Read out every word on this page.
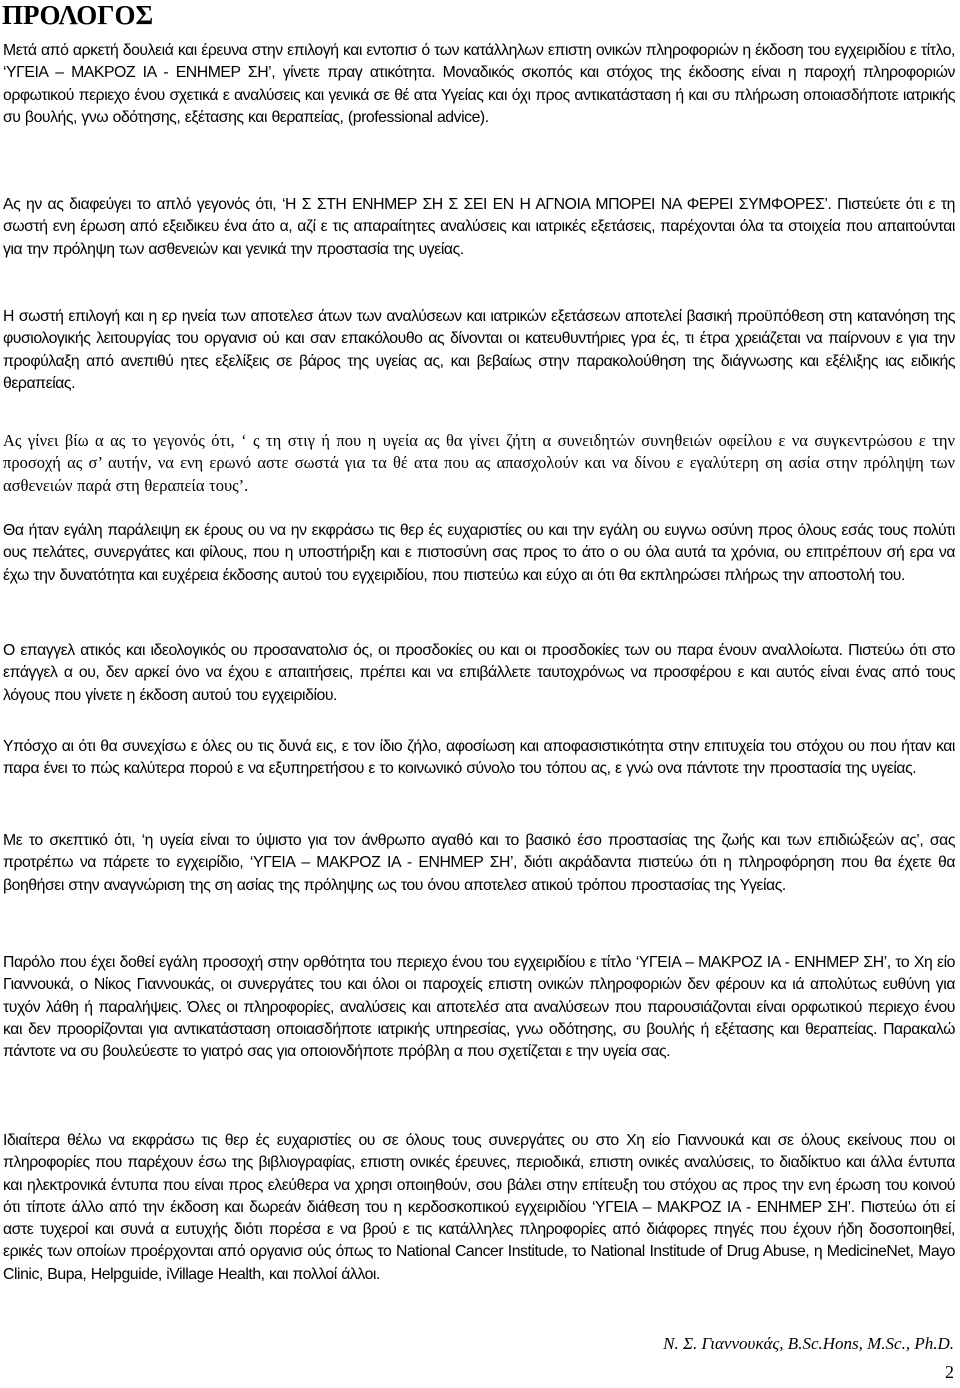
ΠΡΟΛΟΓΟΣ

Μετά από αρκετή δουλειά και έρευνα στην επιλογή και εντοπισ ό των κατάλληλων επιστη ονικών πληροφοριών η έκδοση του εγχειριδίου ε τίτλο, ‘ΥΓΕΙΑ – ΜΑΚΡΟΖ ΙΑ - ΕΝΗΜΕΡ ΣΗ’, γίνετε πραγ ατικότητα. Μοναδικός σκοπός και στόχος της έκδοσης είναι η παροχή πληροφοριών ορφωτικού περιεχο ένου σχετικά ε αναλύσεις και γενικά σε θέ ατα Υγείας και όχι προς αντικατάσταση ή και συ πλήρωση οποιασδήποτε ιατρικής συ βουλής, γνω οδότησης, εξέτασης και θεραπείας, (professional advice).

Ας ην ας διαφεύγει το απλό γεγονός ότι, ‘Η Σ ΣΤΗ ΕΝΗΜΕΡ ΣΗ Σ ΣΕΙ ΕΝ Η ΑΓΝΟΙΑ ΜΠΟΡΕΙ ΝΑ ΦΕΡΕΙ ΣΥΜΦΟΡΕΣ’. Πιστεύετε ότι ε τη σωστή ενη έρωση από εξειδικευ ένα άτο α, αζί ε τις απαραίτητες αναλύσεις και ιατρικές εξετάσεις, παρέχονται όλα τα στοιχεία που απαιτούνται για την πρόληψη των ασθενειών και γενικά την προστασία της υγείας.

Η σωστή επιλογή και η ερ ηνεία των αποτελεσ άτων των αναλύσεων και ιατρικών εξετάσεων αποτελεί βασική προϋπόθεση στη κατανόηση της φυσιολογικής λειτουργίας του οργανισ ού και σαν επακόλουθο ας δίνονται οι κατευθυντήριες γρα ές, τι έτρα χρειάζεται να παίρνουν ε για την προφύλαξη από ανεπιθύ ητες εξελίξεις σε βάρος της υγείας ας, και βεβαίως στην παρακολούθηση της διάγνωσης και εξέλιξης ιας ειδικής θεραπείας.

Ας γίνει βίω α ας το γεγονός ότι, ‘ ς τη στιγ ή που η υγεία ας θα γίνει ζήτη α συνειδητών συνηθειών οφείλου ε να συγκεντρώσου ε την προσοχή ας σ’ αυτήν, να ενη ερωνό αστε σωστά για τα θέ ατα που ας απασχολούν και να δίνου ε εγαλύτερη ση ασία στην πρόληψη των ασθενειών παρά στη θεραπεία τους’.

Θα ήταν εγάλη παράλειψη εκ έρους ου να ην εκφράσω τις θερ ές ευχαριστίες ου και την εγάλη ου ευγνω οσύνη προς όλους εσάς τους πολύτι ους πελάτες, συνεργάτες και φίλους, που η υποστήριξη και ε πιστοσύνη σας προς το άτο ο ου όλα αυτά τα χρόνια, ου επιτρέπουν σή ερα να έχω την δυνατότητα και ευχέρεια έκδοσης αυτού του εγχειριδίου, που πιστεύω και εύχο αι ότι θα εκπληρώσει πλήρως την αποστολή του.

Ο επαγγελ ατικός και ιδεολογικός ου προσανατολισ ός, οι προσδοκίες ου και οι προσδοκίες των ου παρα ένουν αναλλοίωτα. Πιστεύω ότι στο επάγγελ α ου, δεν αρκεί όνο να έχου ε απαιτήσεις, πρέπει και να επιβάλλετε ταυτοχρόνως να προσφέρου ε και αυτός είναι ένας από τους λόγους που γίνετε η έκδοση αυτού του εγχειριδίου.

Υπόσχο αι ότι θα συνεχίσω ε όλες ου τις δυνά εις, ε τον ίδιο ζήλο, αφοσίωση και αποφασιστικότητα στην επιτυχεία του στόχου ου που ήταν και παρα ένει το πώς καλύτερα πορού ε να εξυπηρετήσου ε το κοινωνικό σύνολο του τόπου ας, ε γνώ ονα πάντοτε την προστασία της υγείας.

Με το σκεπτικό ότι, ‘η υγεία είναι το ύψιστο για τον άνθρωπο αγαθό και το βασικό έσο προστασίας της ζωής και των επιδιώξεών ας’, σας προτρέπω να πάρετε το εγχειρίδιο, ‘ΥΓΕΙΑ – ΜΑΚΡΟΖ ΙΑ - ΕΝΗΜΕΡ ΣΗ’, διότι ακράδαντα πιστεύω ότι η πληροφόρηση που θα έχετε θα βοηθήσει στην αναγνώριση της ση ασίας της πρόληψης ως του όνου αποτελεσ ατικού τρόπου προστασίας της Υγείας.

Παρόλο που έχει δοθεί εγάλη προσοχή στην ορθότητα του περιεχο ένου του εγχειριδίου ε τίτλο ‘ΥΓΕΙΑ – ΜΑΚΡΟΖ ΙΑ - ΕΝΗΜΕΡ ΣΗ’, το Χη είο Γιαννουκά, ο Νίκος Γιαννουκάς, οι συνεργάτες του και όλοι οι παροχείς επιστη ονικών πληροφοριών δεν φέρουν κα ιά απολύτως ευθύνη για τυχόν λάθη ή παραλήψεις. Όλες οι πληροφορίες, αναλύσεις και αποτελέσ ατα αναλύσεων που παρουσιάζονται είναι ορφωτικού περιεχο ένου και δεν προορίζονται για αντικατάσταση οποιασδήποτε ιατρικής υπηρεσίας, γνω οδότησης, συ βουλής ή εξέτασης και θεραπείας. Παρακαλώ πάντοτε να συ βουλεύεστε το γιατρό σας για οποιονδήποτε πρόβλη α που σχετίζεται ε την υγεία σας.

Ιδιαίτερα θέλω να εκφράσω τις θερ ές ευχαριστίες ου σε όλους τους συνεργάτες ου στο Χη είο Γιαννουκά και σε όλους εκείνους που οι πληροφορίες που παρέχουν έσω της βιβλιογραφίας, επιστη ονικές έρευνες, περιοδικά, επιστη ονικές αναλύσεις, το διαδίκτυο και άλλα έντυπα και ηλεκτρονικά έντυπα που είναι προς ελεύθερα να χρησι οποιηθούν, σου βάλει στην επίτευξη του στόχου ας προς την ενη έρωση του κοινού ότι τίποτε άλλο από την έκδοση και δωρεάν διάθεση του η κερδοσκοπικού εγχειριδίου ‘ΥΓΕΙΑ – ΜΑΚΡΟΖ ΙΑ - ΕΝΗΜΕΡ ΣΗ’. Πιστεύω ότι εί αστε τυχεροί και συνά α ευτυχής διότι πορέσα ε να βρού ε τις κατάλληλες πληροφορίες από διάφορες πηγές που έχουν ήδη δοσοποιηθεί, ερικές των οποίων προέρχονται από οργανισ ούς όπως το National Cancer Institude, το National Institude of Drug Abuse, η MedicineNet, Mayo Clinic, Bupa, Helpguide, iVillage Health, και πολλοί άλλοι.

Ν. Σ. Γιαννουκάς, B.Sc.Hons, M.Sc., Ph.D.

2
